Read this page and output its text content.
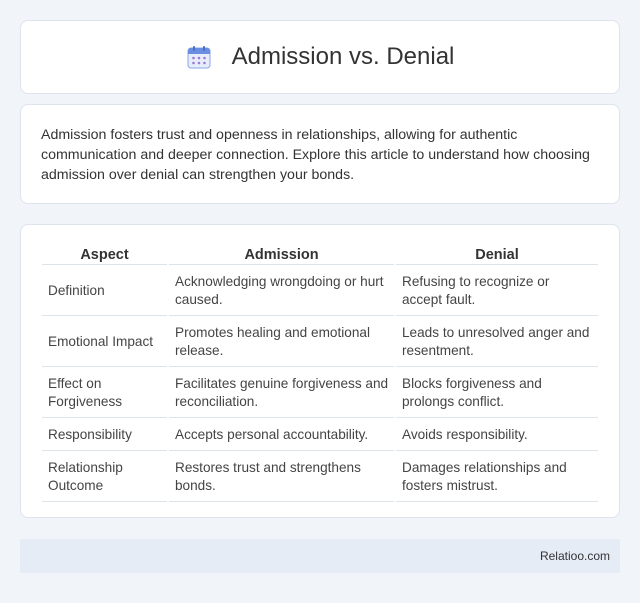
Admission vs. Denial

Admission fosters trust and openness in relationships, allowing for authentic communication and deeper connection. Explore this article to understand how choosing admission over denial can strengthen your bonds.

Aspect	Admission	Denial
Definition	Acknowledging wrongdoing or hurt caused.	Refusing to recognize or accept fault.
Emotional Impact	Promotes healing and emotional release.	Leads to unresolved anger and resentment.
Effect on Forgiveness	Facilitates genuine forgiveness and reconciliation.	Blocks forgiveness and prolongs conflict.
Responsibility	Accepts personal accountability.	Avoids responsibility.
Relationship Outcome	Restores trust and strengthens bonds.	Damages relationships and fosters mistrust.
Relatioo.com
